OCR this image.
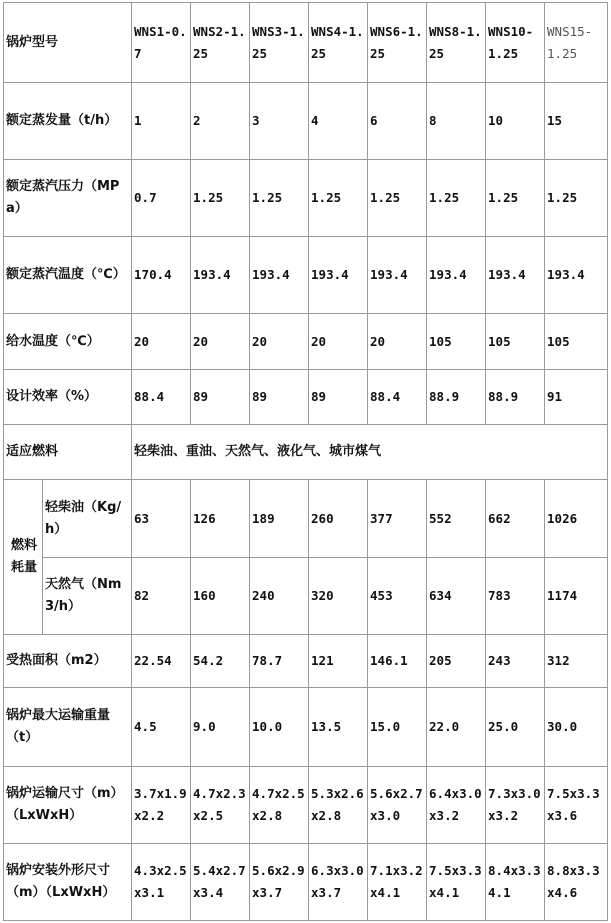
锅炉型号		WNS1-0.7	WNS2-1.25	WNS3-1.25	WNS4-1.25	WNS6-1.25	WNS8-1.25	WNS10-1.25	WNS15-1.25
额定蒸发量（t/h）		1	2	3	4	6	8	10	15
额定蒸汽压力（MPa）		0.7	1.25	1.25	1.25	1.25	1.25	1.25	1.25
额定蒸汽温度（℃）		170.4	193.4	193.4	193.4	193.4	193.4	193.4	193.4
给水温度（℃）		20	20	20	20	20	105	105	105
设计效率（%）		88.4	89	89	89	88.4	88.9	88.9	91
适应燃料		轻柴油、重油、天然气、液化气、城市煤气							
燃料耗量	轻柴油（Kg/h）	63	126	189	260	377	552	662	1026
	天然气（Nm3/h）	82	160	240	320	453	634	783	1174
受热面积（m2）		22.54	54.2	78.7	121	146.1	205	243	312
锅炉最大运输重量（t）		4.5	9.0	10.0	13.5	15.0	22.0	25.0	30.0
锅炉运输尺寸（m）（LxWxH）		3.7x1.9x2.2	4.7x2.3x2.5	4.7x2.5x2.8	5.3x2.6x2.8	5.6x2.7x3.0	6.4x3.0x3.2	7.3x3.0x3.2	7.5x3.3x3.6
锅炉安装外形尺寸（m）（LxWxH）		4.3x2.5x3.1	5.4x2.7x3.4	5.6x2.9x3.7	6.3x3.0x3.7	7.1x3.2x4.1	7.5x3.3x4.1	8.4x3.34.1	8.8x3.3x4.6
